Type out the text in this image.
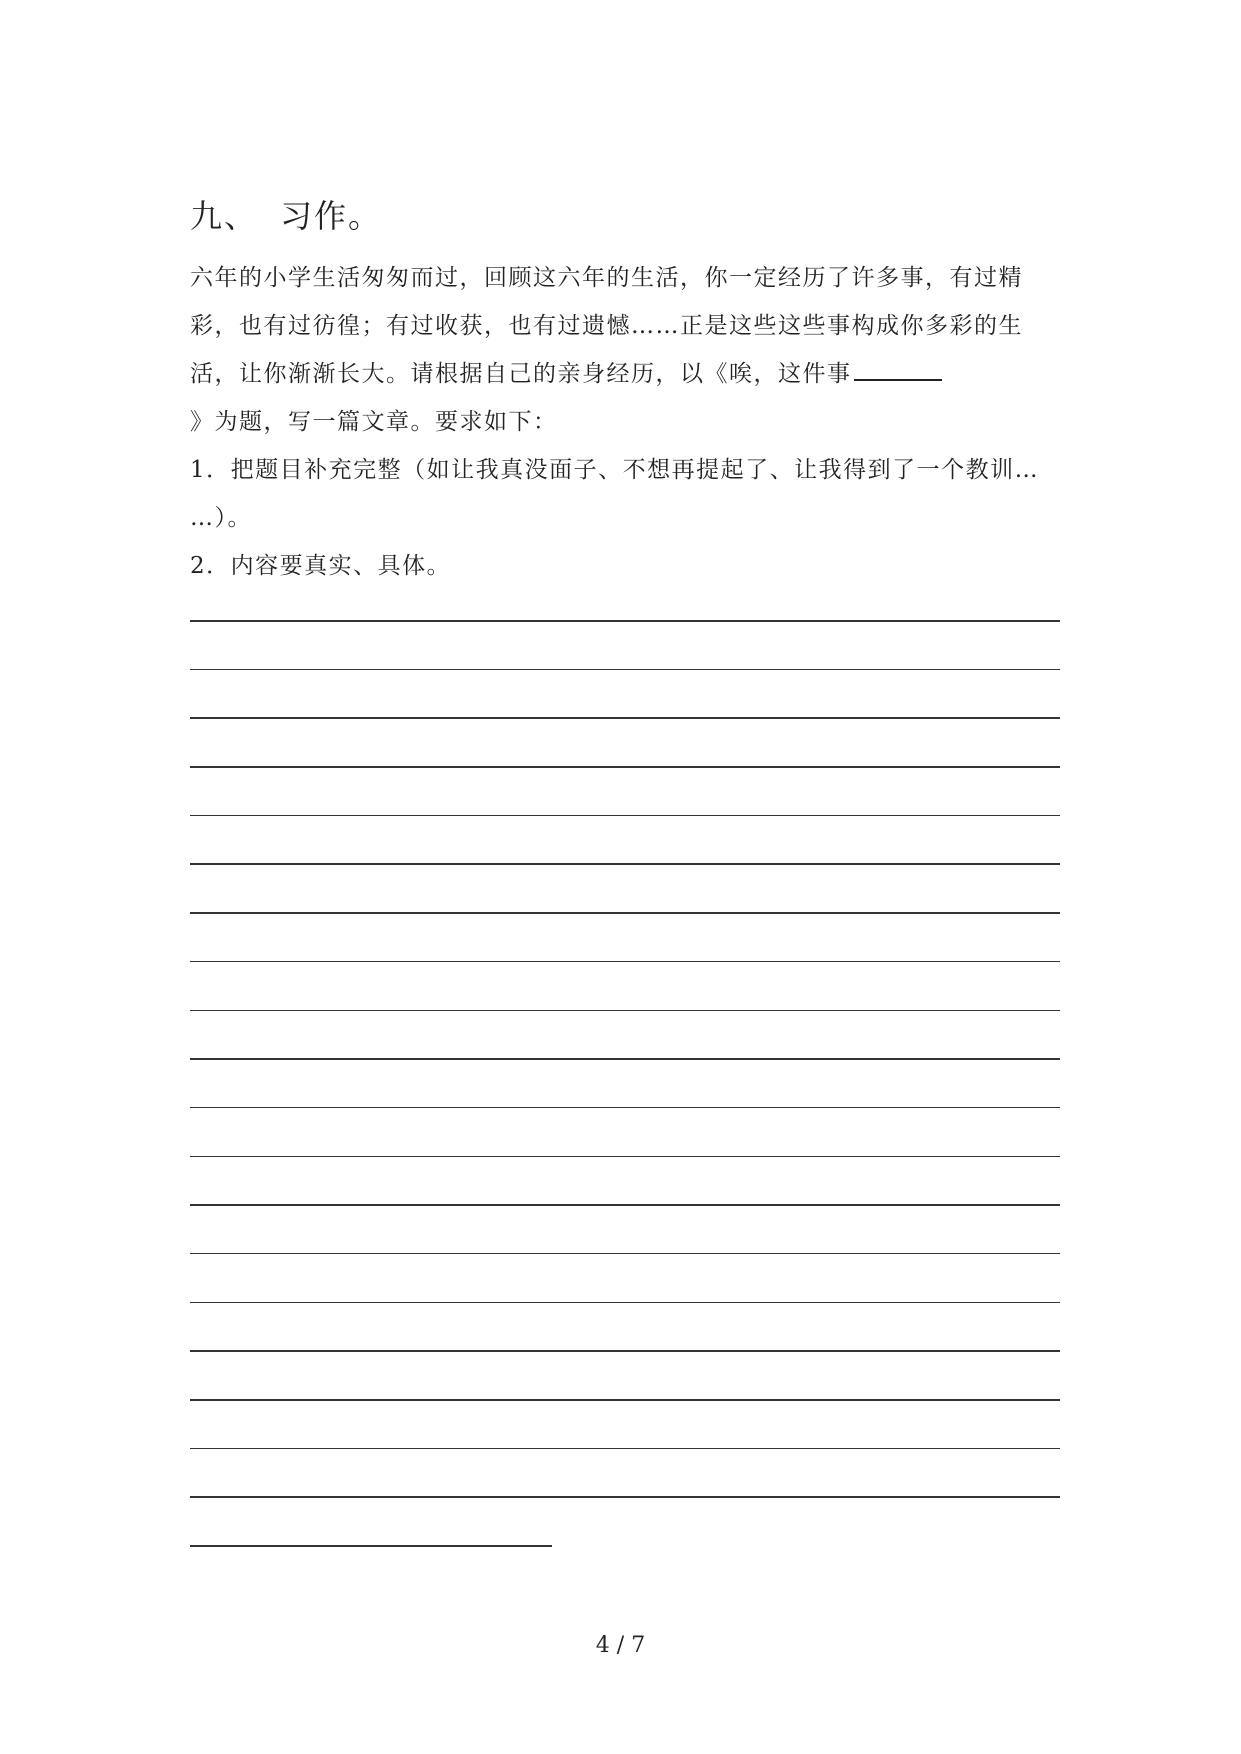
九、 习作。
六年的小学生活匆匆而过，回顾这六年的生活，你一定经历了许多事，有过精
彩，也有过彷徨；有过收获，也有过遗憾……正是这些这些事构成你多彩的生
活，让你渐渐长大。请根据自己的亲身经历，以《唉，这件事
》为题，写一篇文章。要求如下：
1．把题目补充完整（如让我真没面子、不想再提起了、让我得到了一个教训…
…）。
2．内容要真实、具体。
4 / 7
